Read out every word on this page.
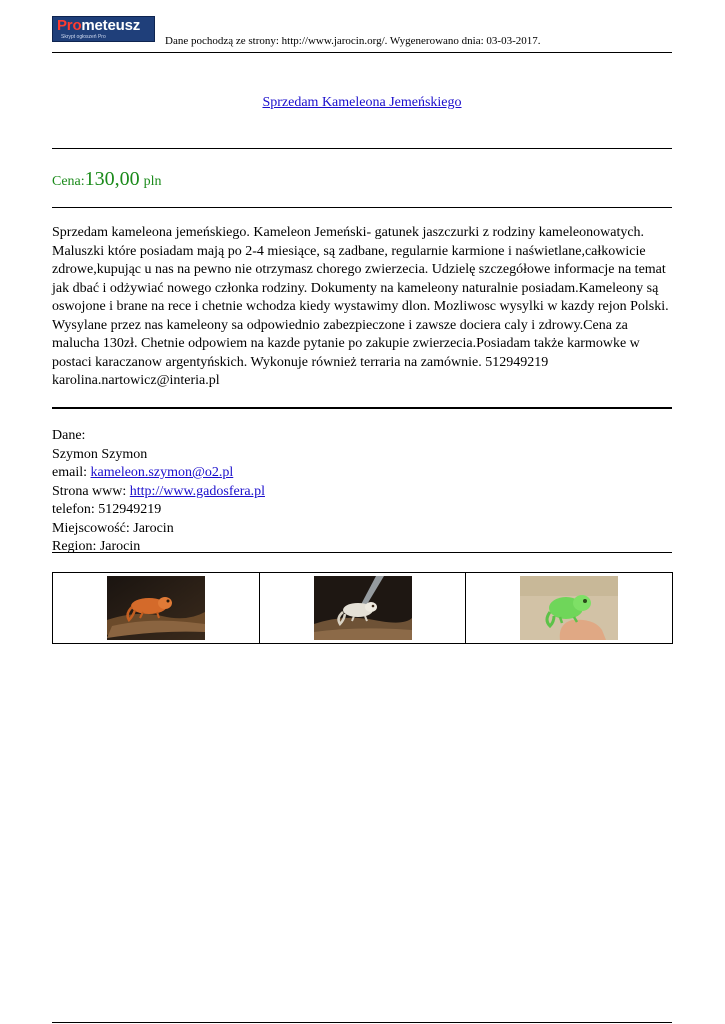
Prometeusz
Skrypt ogłoszeń Pro	Dane pochodzą ze strony: http://www.jarocin.org/. Wygenerowano dnia: 03-03-2017.
Sprzedam Kameleona Jemeńskiego
Cena:130,00 pln
Sprzedam kameleona jemeńskiego. Kameleon Jemeński- gatunek jaszczurki z rodziny kameleonowatych. Maluszki które posiadam mają po 2-4 miesiące, są zadbane, regularnie karmione i naświetlane,całkowicie zdrowe,kupując u nas na pewno nie otrzymasz chorego zwierzecia. Udzielę szczegółowe informacje na temat jak dbać i odżywiać nowego członka rodziny. Dokumenty na kameleony naturalnie posiadam.Kameleony są oswojone i brane na rece i chetnie wchodza kiedy wystawimy dlon. Mozliwosc wysylki w kazdy rejon Polski. Wysylane przez nas kameleony sa odpowiednio zabezpieczone i zawsze dociera caly i zdrowy.Cena za malucha 130zł. Chetnie odpowiem na kazde pytanie po zakupie zwierzecia.Posiadam także karmowke w postaci karaczanow argentyńskich. Wykonuje również terraria na zamównie. 512949219 karolina.nartowicz@interia.pl
Dane:
Szymon Szymon
email: kameleon.szymon@o2.pl
Strona www: http://www.gadosfera.pl
telefon: 512949219
Miejscowość: Jarocin
Region: Jarocin
